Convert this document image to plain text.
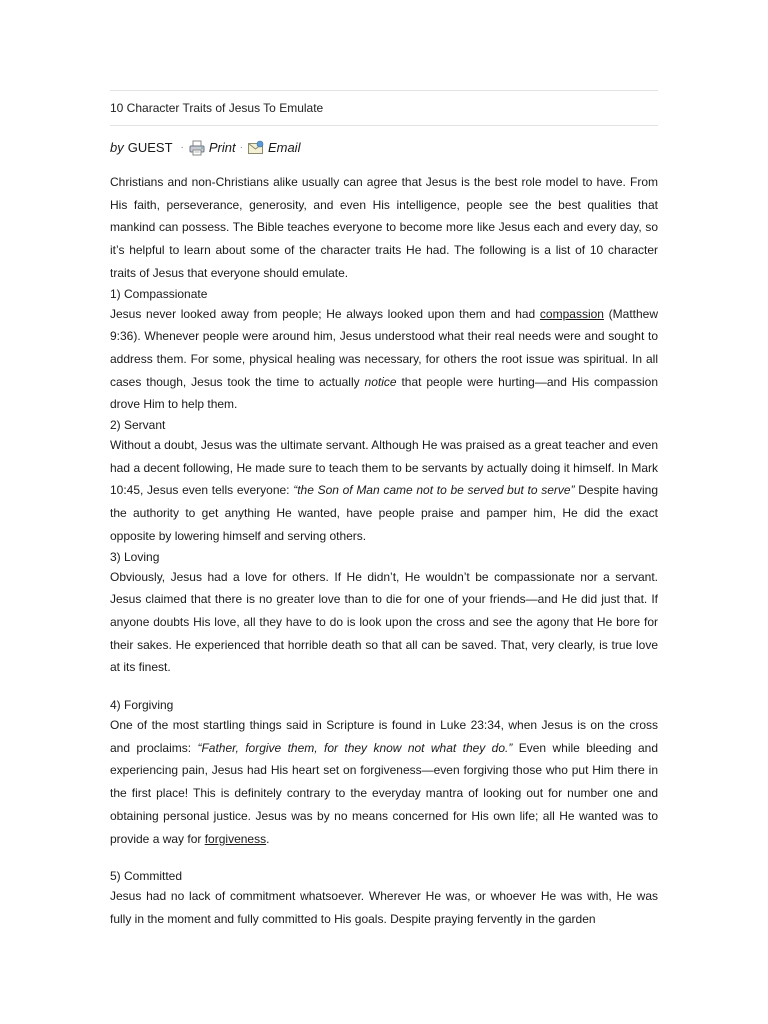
10 Character Traits of Jesus To Emulate
by GUEST · Print · Email

Christians and non-Christians alike usually can agree that Jesus is the best role model to have. From His faith, perseverance, generosity, and even His intelligence, people see the best qualities that mankind can possess. The Bible teaches everyone to become more like Jesus each and every day, so it’s helpful to learn about some of the character traits He had. The following is a list of 10 character traits of Jesus that everyone should emulate.

1) Compassionate

Jesus never looked away from people; He always looked upon them and had compassion (Matthew 9:36). Whenever people were around him, Jesus understood what their real needs were and sought to address them. For some, physical healing was necessary, for others the root issue was spiritual. In all cases though, Jesus took the time to actually notice that people were hurting—and His compassion drove Him to help them.

2) Servant

Without a doubt, Jesus was the ultimate servant. Although He was praised as a great teacher and even had a decent following, He made sure to teach them to be servants by actually doing it himself. In Mark 10:45, Jesus even tells everyone: “the Son of Man came not to be served but to serve” Despite having the authority to get anything He wanted, have people praise and pamper him, He did the exact opposite by lowering himself and serving others.

3) Loving

Obviously, Jesus had a love for others. If He didn’t, He wouldn’t be compassionate nor a servant. Jesus claimed that there is no greater love than to die for one of your friends—and He did just that. If anyone doubts His love, all they have to do is look upon the cross and see the agony that He bore for their sakes. He experienced that horrible death so that all can be saved. That, very clearly, is true love at its finest.

4) Forgiving

One of the most startling things said in Scripture is found in Luke 23:34, when Jesus is on the cross and proclaims: “Father, forgive them, for they know not what they do.” Even while bleeding and experiencing pain, Jesus had His heart set on forgiveness—even forgiving those who put Him there in the first place! This is definitely contrary to the everyday mantra of looking out for number one and obtaining personal justice. Jesus was by no means concerned for His own life; all He wanted was to provide a way for forgiveness.

5) Committed

Jesus had no lack of commitment whatsoever. Wherever He was, or whoever He was with, He was fully in the moment and fully committed to His goals. Despite praying fervently in the garden
